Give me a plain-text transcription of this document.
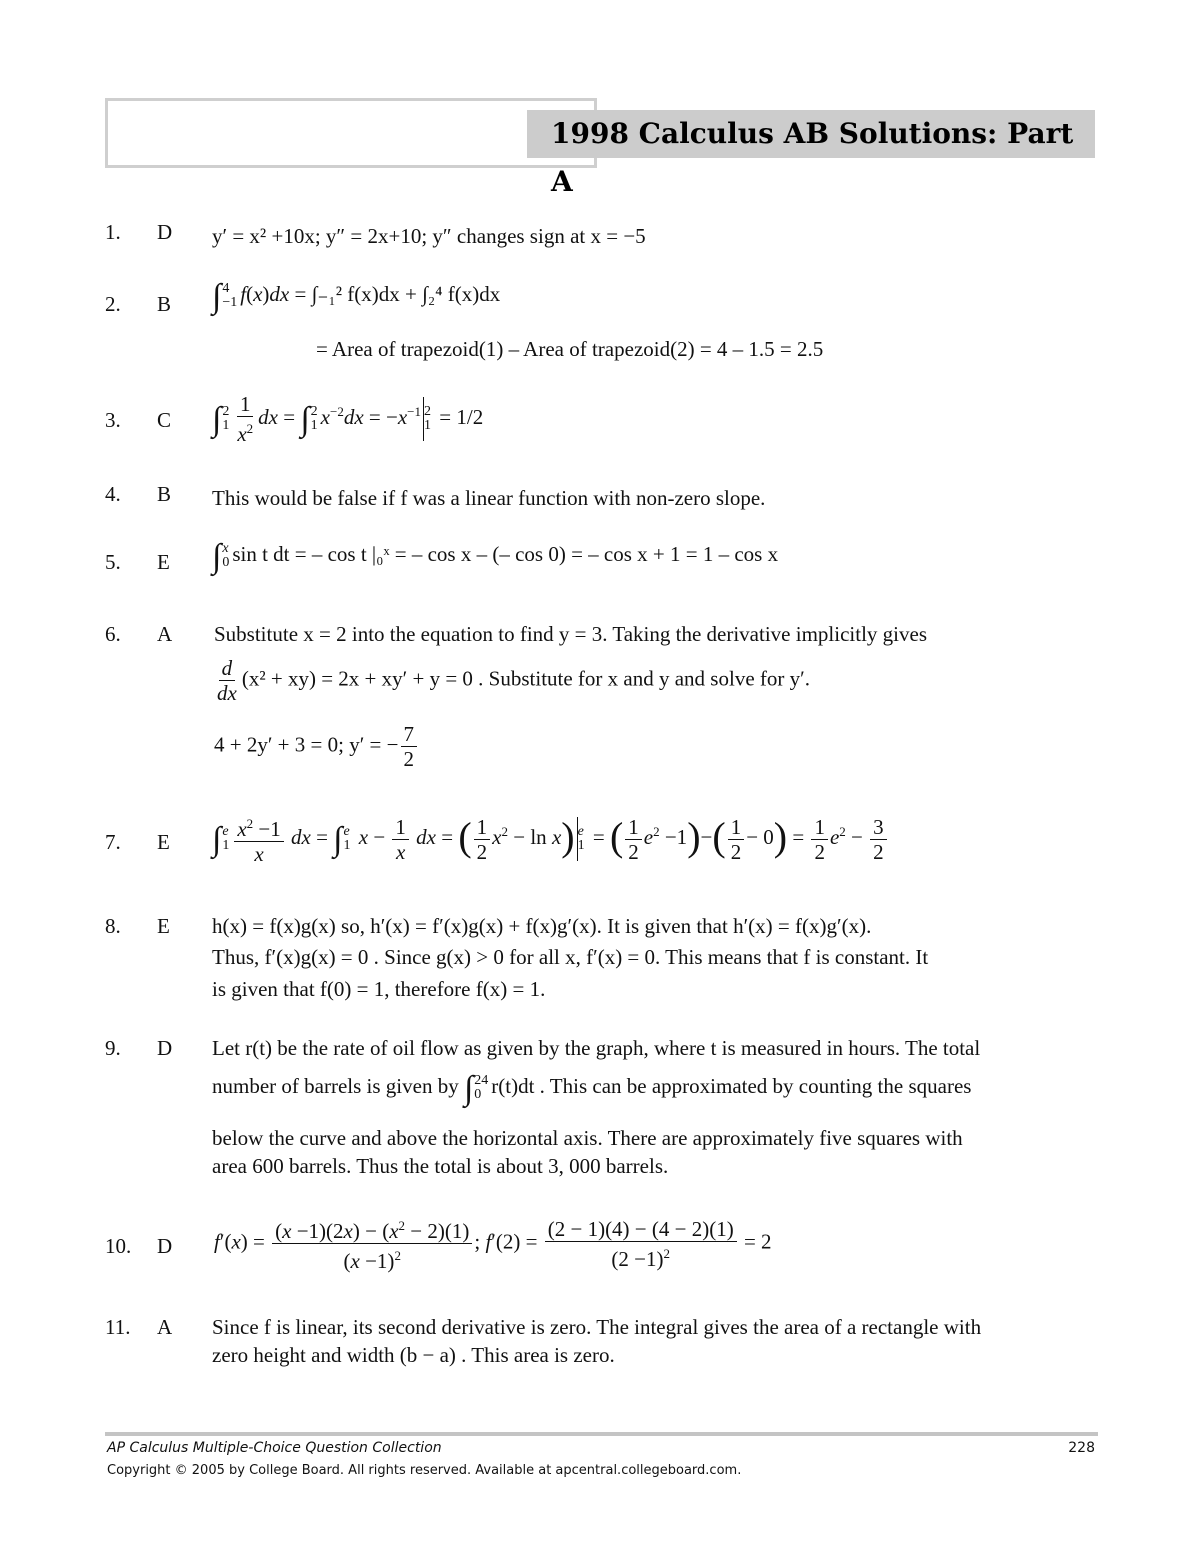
1998 Calculus AB Solutions: Part A
1. D y′ = x² +10x; y″ = 2x+10; y″ changes sign at x = −5
2. B ∫ 4
−1 f(x)dx = ∫₋₁² f(x)dx + ∫₂⁴ f(x)dx
= Area of trapezoid(1) – Area of trapezoid(2) = 4 – 1.5 = 2.5
3. C ∫ 2
$1 \frac{1}{x^2}$ dx = ∫ 2
1 $x^{-2}dx = -x^{-1}$ 2
1 = 1/2
4. B This would be false if f was a linear function with non-zero slope.
5. E ∫ x
0 sin t dt = – cos t |₀ˣ = – cos x – (– cos 0) = – cos x + 1 = 1 – cos x
6. A Substitute x = 2 into the equation to find y = 3. Taking the derivative implicitly gives
$\frac{d}{dx} (x^2 + xy) = 2x + xy' + y = 0$ . Substitute for x and y and solve for y′.
4 + 2y′ + 3 = 0; y′ = − $\frac{7}{2}$
7. E ∫ e
$1 \frac{x^2 -1}{x}$ dx = ∫ e
1 $x - \frac{1}{x}$ dx = ( $\frac{1}{2} x^2 - \ln x$) e
1 = ( $\frac{1}{2} e^2 -1)-( \frac{1}{2} - 0) = \frac{1}{2} e^2 - \frac{3}{2}$
8. E h(x) = f(x)g(x) so, h′(x) = f′(x)g(x) + f(x)g′(x). It is given that h′(x) = f(x)g′(x).
Thus, f′(x)g(x) = 0 . Since g(x) > 0 for all x, f′(x) = 0. This means that f is constant. It
is given that f(0) = 1, therefore f(x) = 1.
9. D Let r(t) be the rate of oil flow as given by the graph, where t is measured in hours. The total
number of barrels is given by ∫ 24
0 r(t)dt . This can be approximated by counting the squares
below the curve and above the horizontal axis. There are approximately five squares with
area 600 barrels. Thus the total is about 3, 000 barrels.
10. D $f'(x) = \frac{(x -1)(2x) - (x^2 - 2)(1)}{(x -1)^2}$ ; $f'(2) = \frac{(2 - 1)(4) - (4 - 2)(1)}{(2 -1)^2} = 2$
11. A Since f is linear, its second derivative is zero. The integral gives the area of a rectangle with
zero height and width (b − a) . This area is zero.
AP Calculus Multiple-Choice Question Collection	228
Copyright © 2005 by College Board. All rights reserved. Available at apcentral.collegeboard.com.
